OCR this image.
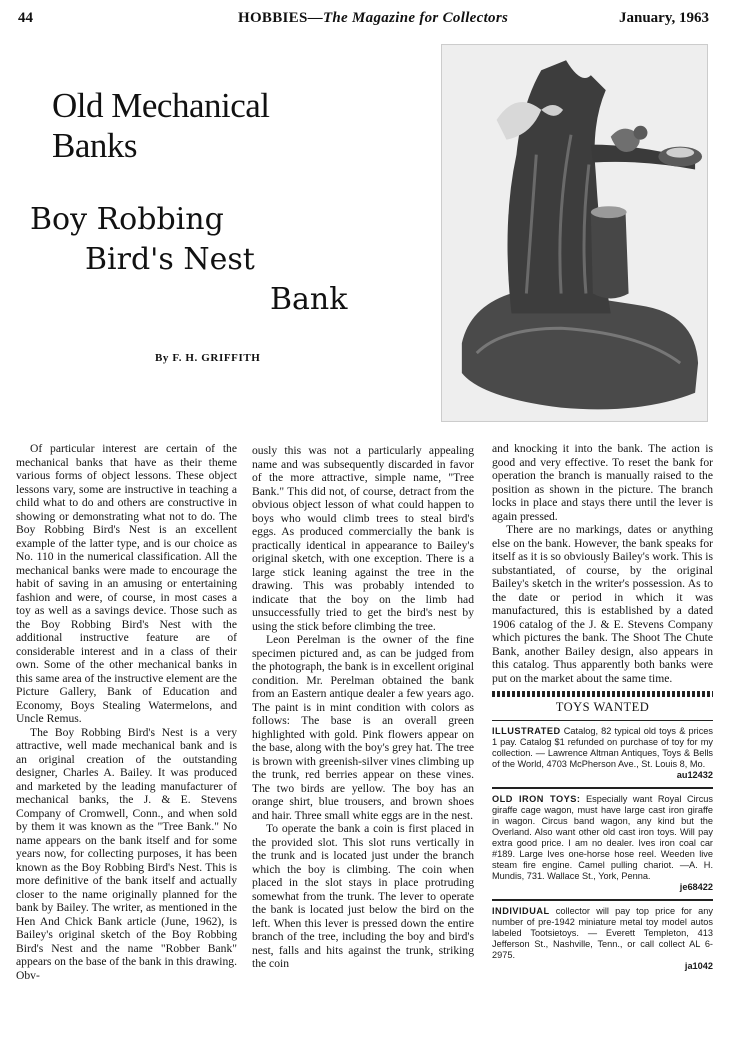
44	HOBBIES—The Magazine for Collectors	January, 1963
Old Mechanical Banks
Boy Robbing
Bird's Nest
Bank
By F. H. GRIFFITH

Of particular interest are certain of the mechanical banks that have as their theme various forms of object lessons. These object lessons vary, some are instructive in teaching a child what to do and others are constructive in showing or demonstrating what not to do. The Boy Robbing Bird's Nest is an excellent example of the latter type, and is our choice as No. 110 in the numerical classification. All the mechanical banks were made to encourage the habit of saving in an amusing or entertaining fashion and were, of course, in most cases a toy as well as a savings device. Those such as the Boy Robbing Bird's Nest with the additional instructive feature are of considerable interest and in a class of their own. Some of the other mechanical banks in this same area of the instructive element are the Picture Gallery, Bank of Education and Economy, Boys Stealing Watermelons, and Uncle Remus.

The Boy Robbing Bird's Nest is a very attractive, well made mechanical bank and is an original creation of the outstanding designer, Charles A. Bailey. It was produced and marketed by the leading manufacturer of mechanical banks, the J. & E. Stevens Company of Cromwell, Conn., and when sold by them it was known as the "Tree Bank." No name appears on the bank itself and for some years now, for collecting purposes, it has been known as the Boy Robbing Bird's Nest. This is more definitive of the bank itself and actually closer to the name originally planned for the bank by Bailey. The writer, as mentioned in the Hen And Chick Bank article (June, 1962), is Bailey's original sketch of the Boy Robbing Bird's Nest and the name "Robber Bank" appears on the base of the bank in this drawing. Obv-

ously this was not a particularly appealing name and was subsequently discarded in favor of the more attractive, simple name, "Tree Bank." This did not, of course, detract from the obvious object lesson of what could happen to boys who would climb trees to steal bird's eggs. As produced commercially the bank is practically identical in appearance to Bailey's original sketch, with one exception. There is a large stick leaning against the tree in the drawing. This was probably intended to indicate that the boy on the limb had unsuccessfully tried to get the bird's nest by using the stick before climbing the tree.

Leon Perelman is the owner of the fine specimen pictured and, as can be judged from the photograph, the bank is in excellent original condition. Mr. Perelman obtained the bank from an Eastern antique dealer a few years ago. The paint is in mint condition with colors as follows: The base is an overall green highlighted with gold. Pink flowers appear on the base, along with the boy's grey hat. The tree is brown with greenish-silver vines climbing up the trunk, red berries appear on these vines. The two birds are yellow. The boy has an orange shirt, blue trousers, and brown shoes and hair. Three small white eggs are in the nest.

To operate the bank a coin is first placed in the provided slot. This slot runs vertically in the trunk and is located just under the branch which the boy is climbing. The coin when placed in the slot stays in place protruding somewhat from the trunk. The lever to operate the bank is located just below the bird on the left. When this lever is pressed down the entire branch of the tree, including the boy and bird's nest, falls and hits against the trunk, striking the coin

and knocking it into the bank. The action is good and very effective. To reset the bank for operation the branch is manually raised to the position as shown in the picture. The branch locks in place and stays there until the lever is again pressed.

There are no markings, dates or anything else on the bank. However, the bank speaks for itself as it is so obviously Bailey's work. This is substantiated, of course, by the original Bailey's sketch in the writer's possession. As to the date or period in which it was manufactured, this is established by a dated 1906 catalog of the J. & E. Stevens Company which pictures the bank. The Shoot The Chute Bank, another Bailey design, also appears in this catalog. Thus apparently both banks were put on the market about the same time.

TOYS WANTED
ILLUSTRATED Catalog, 82 typical old toys & prices 1 pay. Catalog $1 refunded on purchase of toy for my collection. — Lawrence Altman Antiques, Toys & Bells of the World, 4703 McPherson Ave., St. Louis 8, Mo.
au12432
OLD IRON TOYS: Especially want Royal Circus giraffe cage wagon, must have large cast iron giraffe in wagon. Circus band wagon, any kind but the Overland. Also want other old cast iron toys. Will pay extra good price. I am no dealer. Ives iron coal car #189. Large Ives one-horse hose reel. Weeden live steam fire engine. Camel pulling chariot. —A. H. Mundis, 731. Wallace St., York, Penna.
je68422
INDIVIDUAL collector will pay top price for any number of pre-1942 miniature metal toy model autos labeled Tootsietoys. — Everett Templeton, 413 Jefferson St., Nashville, Tenn., or call collect AL 6-2975.
ja1042
